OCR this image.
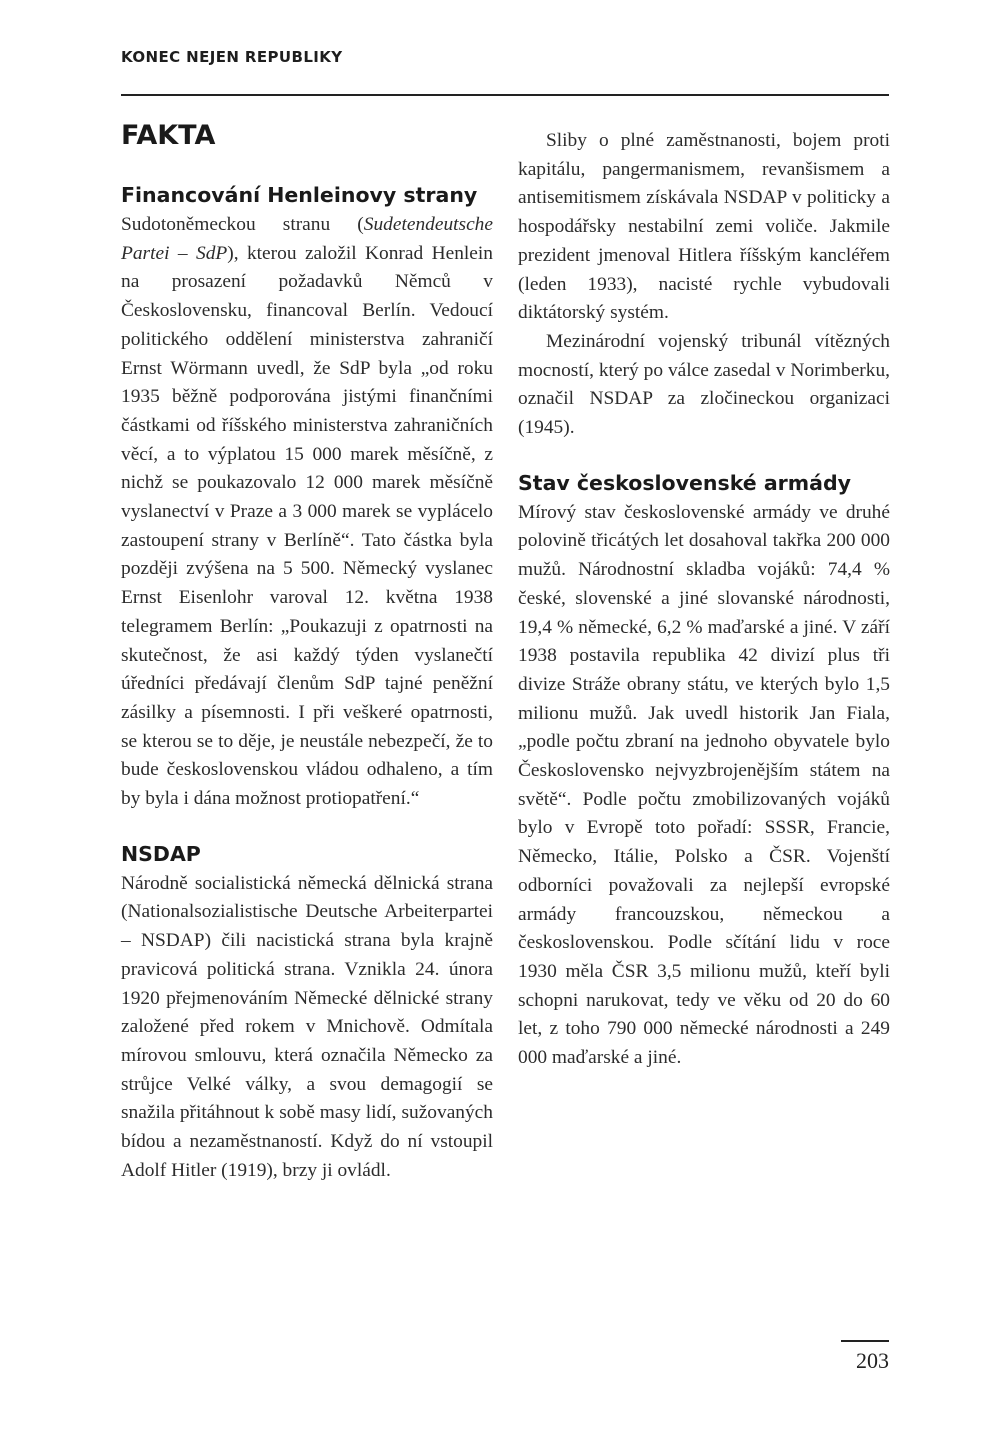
KONEC NEJEN REPUBLIKY
FAKTA
Financování Henleinovy strany

Sudotoněmeckou stranu (Sudetendeutsche Partei – SdP), kterou založil Konrad Henlein na prosazení požadavků Němců v Československu, financoval Berlín. Vedoucí politického oddělení ministerstva zahraničí Ernst Wörmann uvedl, že SdP byla „od roku 1935 běžně podporována jistými finančními částkami od říšského ministerstva zahraničních věcí, a to výplatou 15 000 marek měsíčně, z nichž se poukazovalo 12 000 marek měsíčně vyslanectví v Praze a 3 000 marek se vyplácelo zastoupení strany v Berlíně“. Tato částka byla později zvýšena na 5 500. Německý vyslanec Ernst Eisenlohr varoval 12. května 1938 telegramem Berlín: „Poukazuji z opatrnosti na skutečnost, že asi každý týden vyslanečtí úředníci předávají členům SdP tajné peněžní zásilky a písemnosti. I při veškeré opatrnosti, se kterou se to děje, je neustále nebezpečí, že to bude československou vládou odhaleno, a tím by byla i dána možnost protiopatření.“

NSDAP

Národně socialistická německá dělnická strana (Nationalsozialistische Deutsche Arbeiterpartei – NSDAP) čili nacistická strana byla krajně pravicová politická strana. Vznikla 24. února 1920 přejmenováním Německé dělnické strany založené před rokem v Mnichově. Odmítala mírovou smlouvu, která označila Německo za strůjce Velké války, a svou demagogií se snažila přitáhnout k sobě masy lidí, sužovaných bídou a nezaměstnaností. Když do ní vstoupil Adolf Hitler (1919), brzy ji ovládl.

Sliby o plné zaměstnanosti, bojem proti kapitálu, pangermanismem, revanšismem a antisemitismem získávala NSDAP v politicky a hospodářsky nestabilní zemi voliče. Jakmile prezident jmenoval Hitlera říšským kancléřem (leden 1933), nacisté rychle vybudovali diktátorský systém.

Mezinárodní vojenský tribunál vítězných mocností, který po válce zasedal v Norimberku, označil NSDAP za zločineckou organizaci (1945).

Stav československé armády

Mírový stav československé armády ve druhé polovině třicátých let dosahoval takřka 200 000 mužů. Národnostní skladba vojáků: 74,4 % české, slovenské a jiné slovanské národnosti, 19,4 % německé, 6,2 % maďarské a jiné. V září 1938 postavila republika 42 divizí plus tři divize Stráže obrany státu, ve kterých bylo 1,5 milionu mužů. Jak uvedl historik Jan Fiala, „podle počtu zbraní na jednoho obyvatele bylo Československo nejvyzbrojenějším státem na světě“. Podle počtu zmobilizovaných vojáků bylo v Evropě toto pořadí: SSSR, Francie, Německo, Itálie, Polsko a ČSR. Vojenští odborníci považovali za nejlepší evropské armády francouzskou, německou a československou. Podle sčítání lidu v roce 1930 měla ČSR 3,5 milionu mužů, kteří byli schopni narukovat, tedy ve věku od 20 do 60 let, z toho 790 000 německé národnosti a 249 000 maďarské a jiné.

203
